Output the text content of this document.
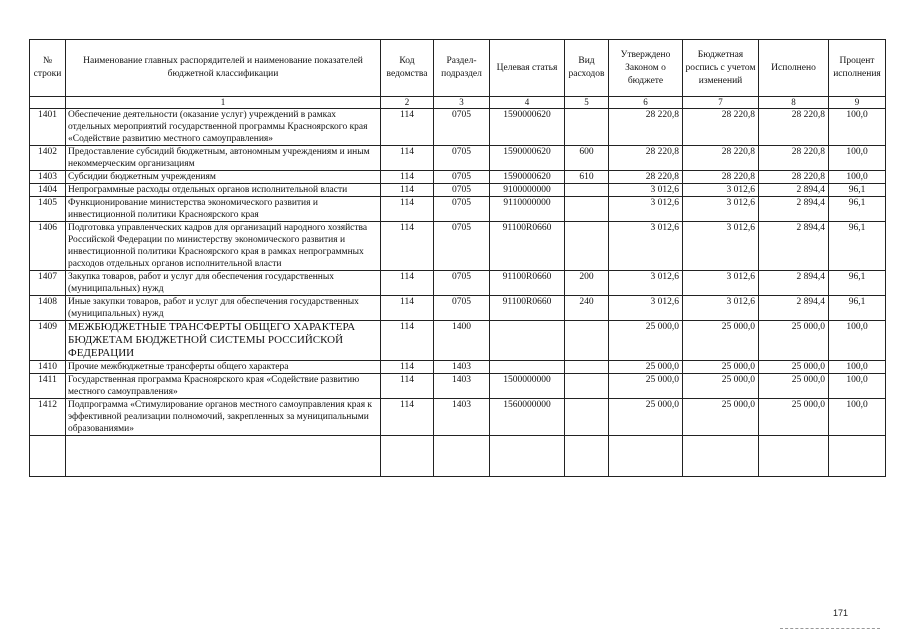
№ строки	Наименование главных распорядителей и наименование показателей бюджетной классификации	Код ведомства	Раздел-подраздел	Целевая статья	Вид расходов	Утверждено Законом о бюджете	Бюджетная роспись с учетом изменений	Исполнено	Процент исполнения
	1	2	3	4	5	6	7	8	9
1401	Обеспечение деятельности (оказание услуг) учреждений в рамках отдельных мероприятий государственной программы Красноярского края «Содействие развитию местного самоуправления»	114	0705	1590000620		28 220,8	28 220,8	28 220,8	100,0
1402	Предоставление субсидий бюджетным, автономным учреждениям и иным некоммерческим организациям	114	0705	1590000620	600	28 220,8	28 220,8	28 220,8	100,0
1403	Субсидии бюджетным учреждениям	114	0705	1590000620	610	28 220,8	28 220,8	28 220,8	100,0
1404	Непрограммные расходы отдельных органов исполнительной власти	114	0705	9100000000		3 012,6	3 012,6	2 894,4	96,1
1405	Функционирование министерства экономического развития и инвестиционной политики Красноярского края	114	0705	9110000000		3 012,6	3 012,6	2 894,4	96,1
1406	Подготовка управленческих кадров для организаций народного хозяйства Российской Федерации по министерству экономического развития и инвестиционной политики Красноярского края в рамках непрограммных расходов отдельных органов исполнительной власти	114	0705	91100R0660		3 012,6	3 012,6	2 894,4	96,1
1407	Закупка товаров, работ и услуг для обеспечения государственных (муниципальных) нужд	114	0705	91100R0660	200	3 012,6	3 012,6	2 894,4	96,1
1408	Иные закупки товаров, работ и услуг для обеспечения государственных (муниципальных) нужд	114	0705	91100R0660	240	3 012,6	3 012,6	2 894,4	96,1
1409	МЕЖБЮДЖЕТНЫЕ ТРАНСФЕРТЫ ОБЩЕГО ХАРАКТЕРА БЮДЖЕТАМ БЮДЖЕТНОЙ СИСТЕМЫ РОССИЙСКОЙ ФЕДЕРАЦИИ	114	1400			25 000,0	25 000,0	25 000,0	100,0
1410	Прочие межбюджетные трансферты общего характера	114	1403			25 000,0	25 000,0	25 000,0	100,0
1411	Государственная программа Красноярского края «Содействие развитию местного самоуправления»	114	1403	1500000000		25 000,0	25 000,0	25 000,0	100,0
1412	Подпрограмма «Стимулирование органов местного самоуправления края к эффективной реализации полномочий, закрепленных за муниципальными образованиями»	114	1403	1560000000		25 000,0	25 000,0	25 000,0	100,0

171
